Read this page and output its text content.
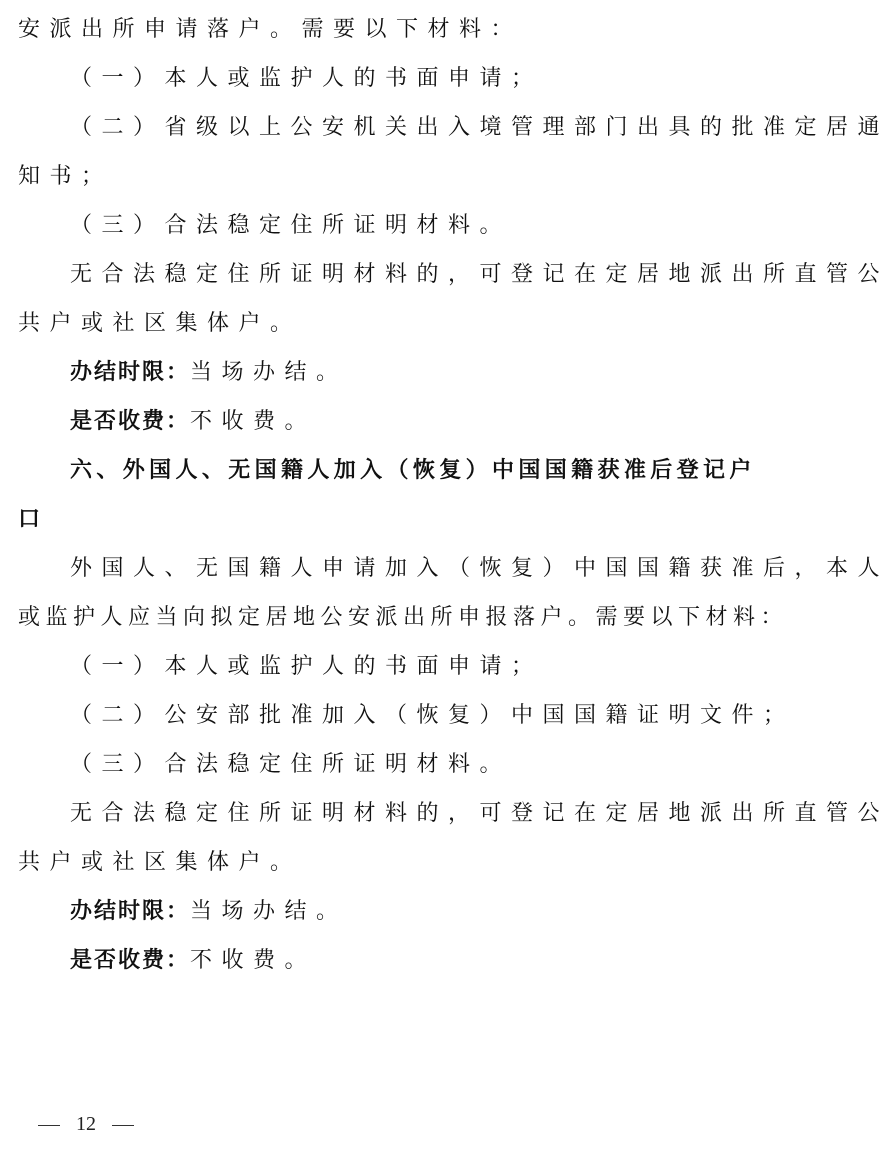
安派出所申请落户。需要以下材料：
（一）本人或监护人的书面申请；
（二）省级以上公安机关出入境管理部门出具的批准定居通
知书；
（三）合法稳定住所证明材料。
无合法稳定住所证明材料的，可登记在定居地派出所直管公
共户或社区集体户。
办结时限：当场办结。
是否收费：不收费。
六、外国人、无国籍人加入（恢复）中国国籍获准后登记户
口
外国人、无国籍人申请加入（恢复）中国国籍获准后，本人
或监护人应当向拟定居地公安派出所申报落户。需要以下材料：
（一）本人或监护人的书面申请；
（二）公安部批准加入（恢复）中国国籍证明文件；
（三）合法稳定住所证明材料。
无合法稳定住所证明材料的，可登记在定居地派出所直管公
共户或社区集体户。
办结时限：当场办结。
是否收费：不收费。
12
